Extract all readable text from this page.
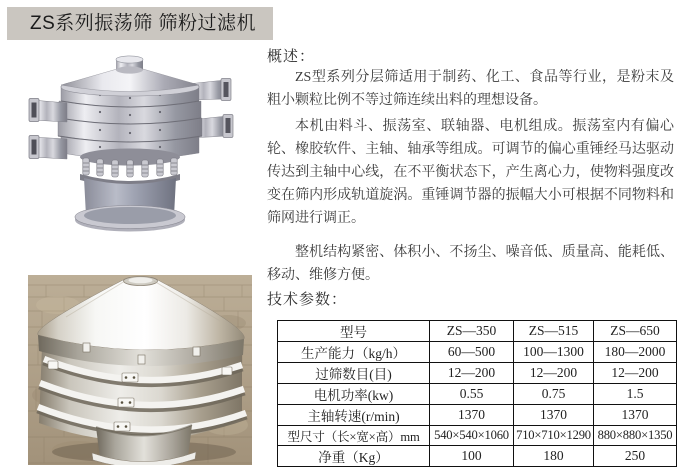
ZS系列振荡筛 筛粉过滤机
概述：

ZS型系列分层筛适用于制药、化工、食品等行业，是粉末及粗小颗粒比例不等过筛连续出料的理想设备。

本机由料斗、振荡室、联轴器、电机组成。振荡室内有偏心轮、橡胶软件、主轴、轴承等组成。可调节的偏心重锤经马达驱动传达到主轴中心线，在不平衡状态下，产生离心力，使物料强度改变在筛内形成轨道旋涡。重锤调节器的振幅大小可根据不同物料和筛网进行调正。

整机结构紧密、体积小、不扬尘、噪音低、质量高、能耗低、移动、维修方便。

技术参数：
型号	ZS—350	ZS—515	ZS—650
生产能力（kg/h）	60—500	100—1300	180—2000
过筛数目(目)	12—200	12—200	12—200
电机功率(kw)	0.55	0.75	1.5
主轴转速(r/min)	1370	1370	1370
型尺寸（长×宽×高）mm	540×540×1060	710×710×1290	880×880×1350
净重（Kg）	100	180	250
